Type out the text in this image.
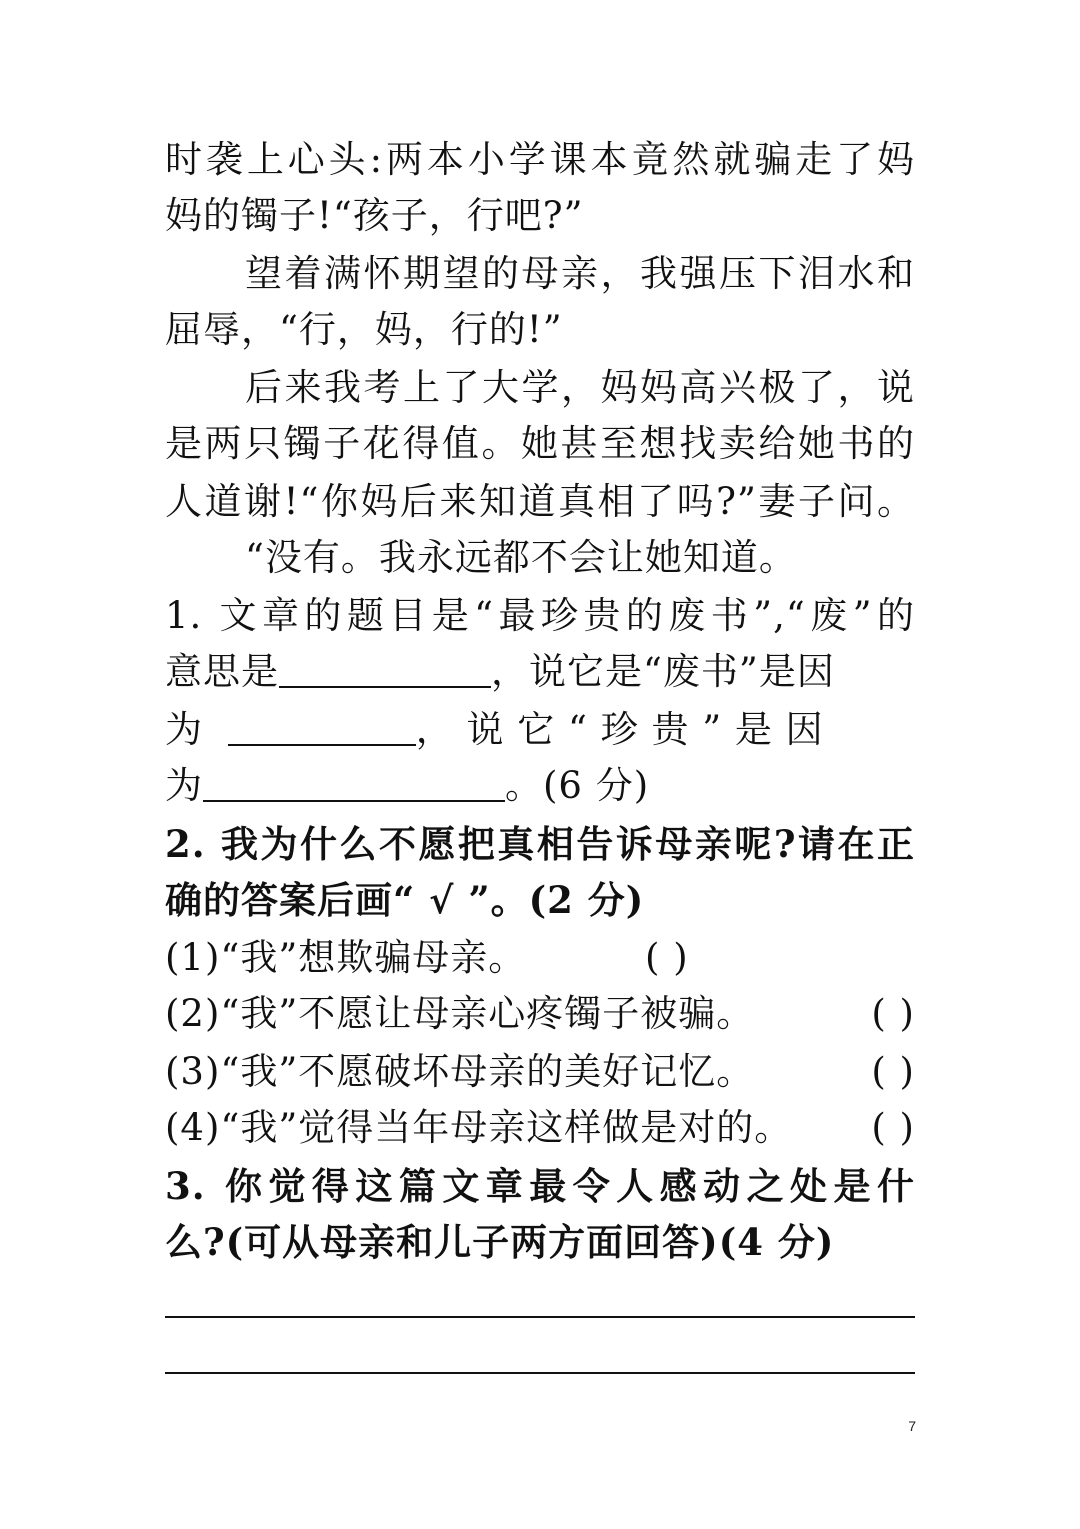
时袭上心头:两本小学课本竟然就骗走了妈
妈的镯子!“孩子，行吧?”
望着满怀期望的母亲，我强压下泪水和
屈辱，“行，妈，行的!”
后来我考上了大学，妈妈高兴极了，说
是两只镯子花得值。她甚至想找卖给她书的
人道谢!“你妈后来知道真相了吗?”妻子问。
“没有。我永远都不会让她知道。
1. 文章的题目是“最珍贵的废书”,“废”的
意思是	，说它是“废书”是因
为	， 说 它 “ 珍 贵 ” 是 因
为	。(6 分)
2. 我为什么不愿把真相告诉母亲呢?请在正
确的答案后画“ √ ”。(2 分)
(1)“我”想欺骗母亲。	( )
(2)“我”不愿让母亲心疼镯子被骗。	( )
(3)“我”不愿破坏母亲的美好记忆。	( )
(4)“我”觉得当年母亲这样做是对的。 ( )
3. 你觉得这篇文章最令人感动之处是什
么?(可从母亲和儿子两方面回答)(4 分)
7
